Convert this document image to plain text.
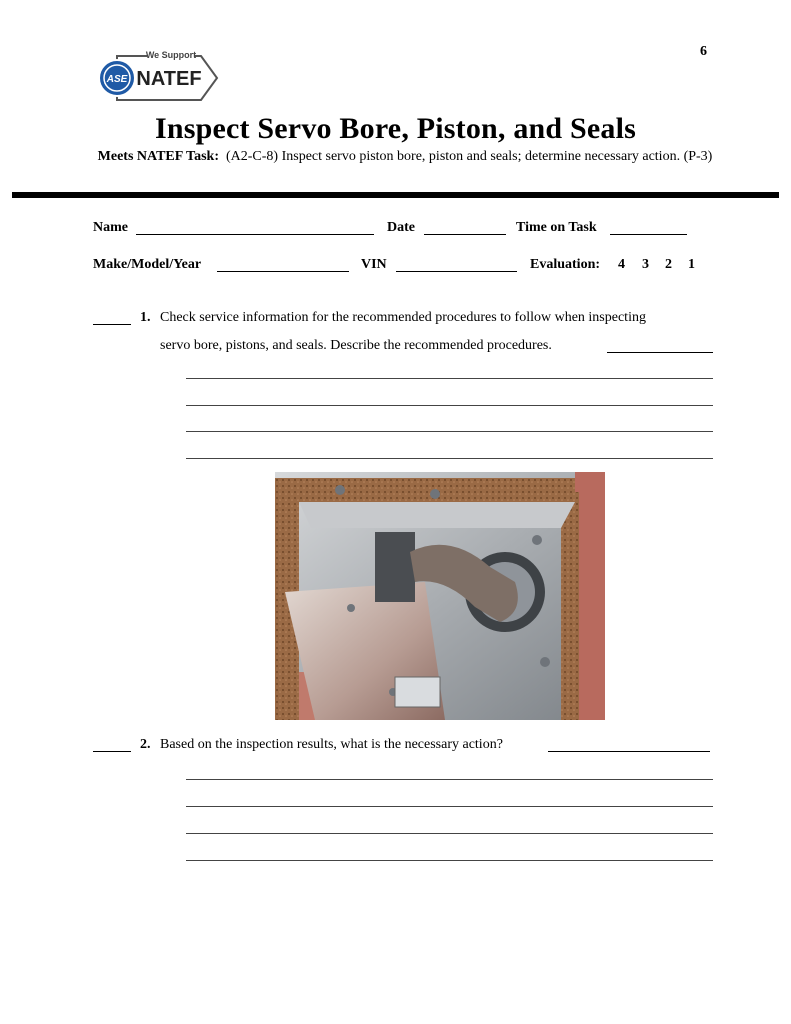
We Support
ASE NATEF
6
Inspect Servo Bore, Piston, and Seals
Meets NATEF Task: (A2-C-8) Inspect servo piston bore, piston and seals; determine necessary action. (P-3)
Name	Date	Time on Task
Make/Model/Year	VIN	Evaluation: 4 3 2 1
1. Check service information for the recommended procedures to follow when inspecting
servo bore, pistons, and seals. Describe the recommended procedures.
2. Based on the inspection results, what is the necessary action?
